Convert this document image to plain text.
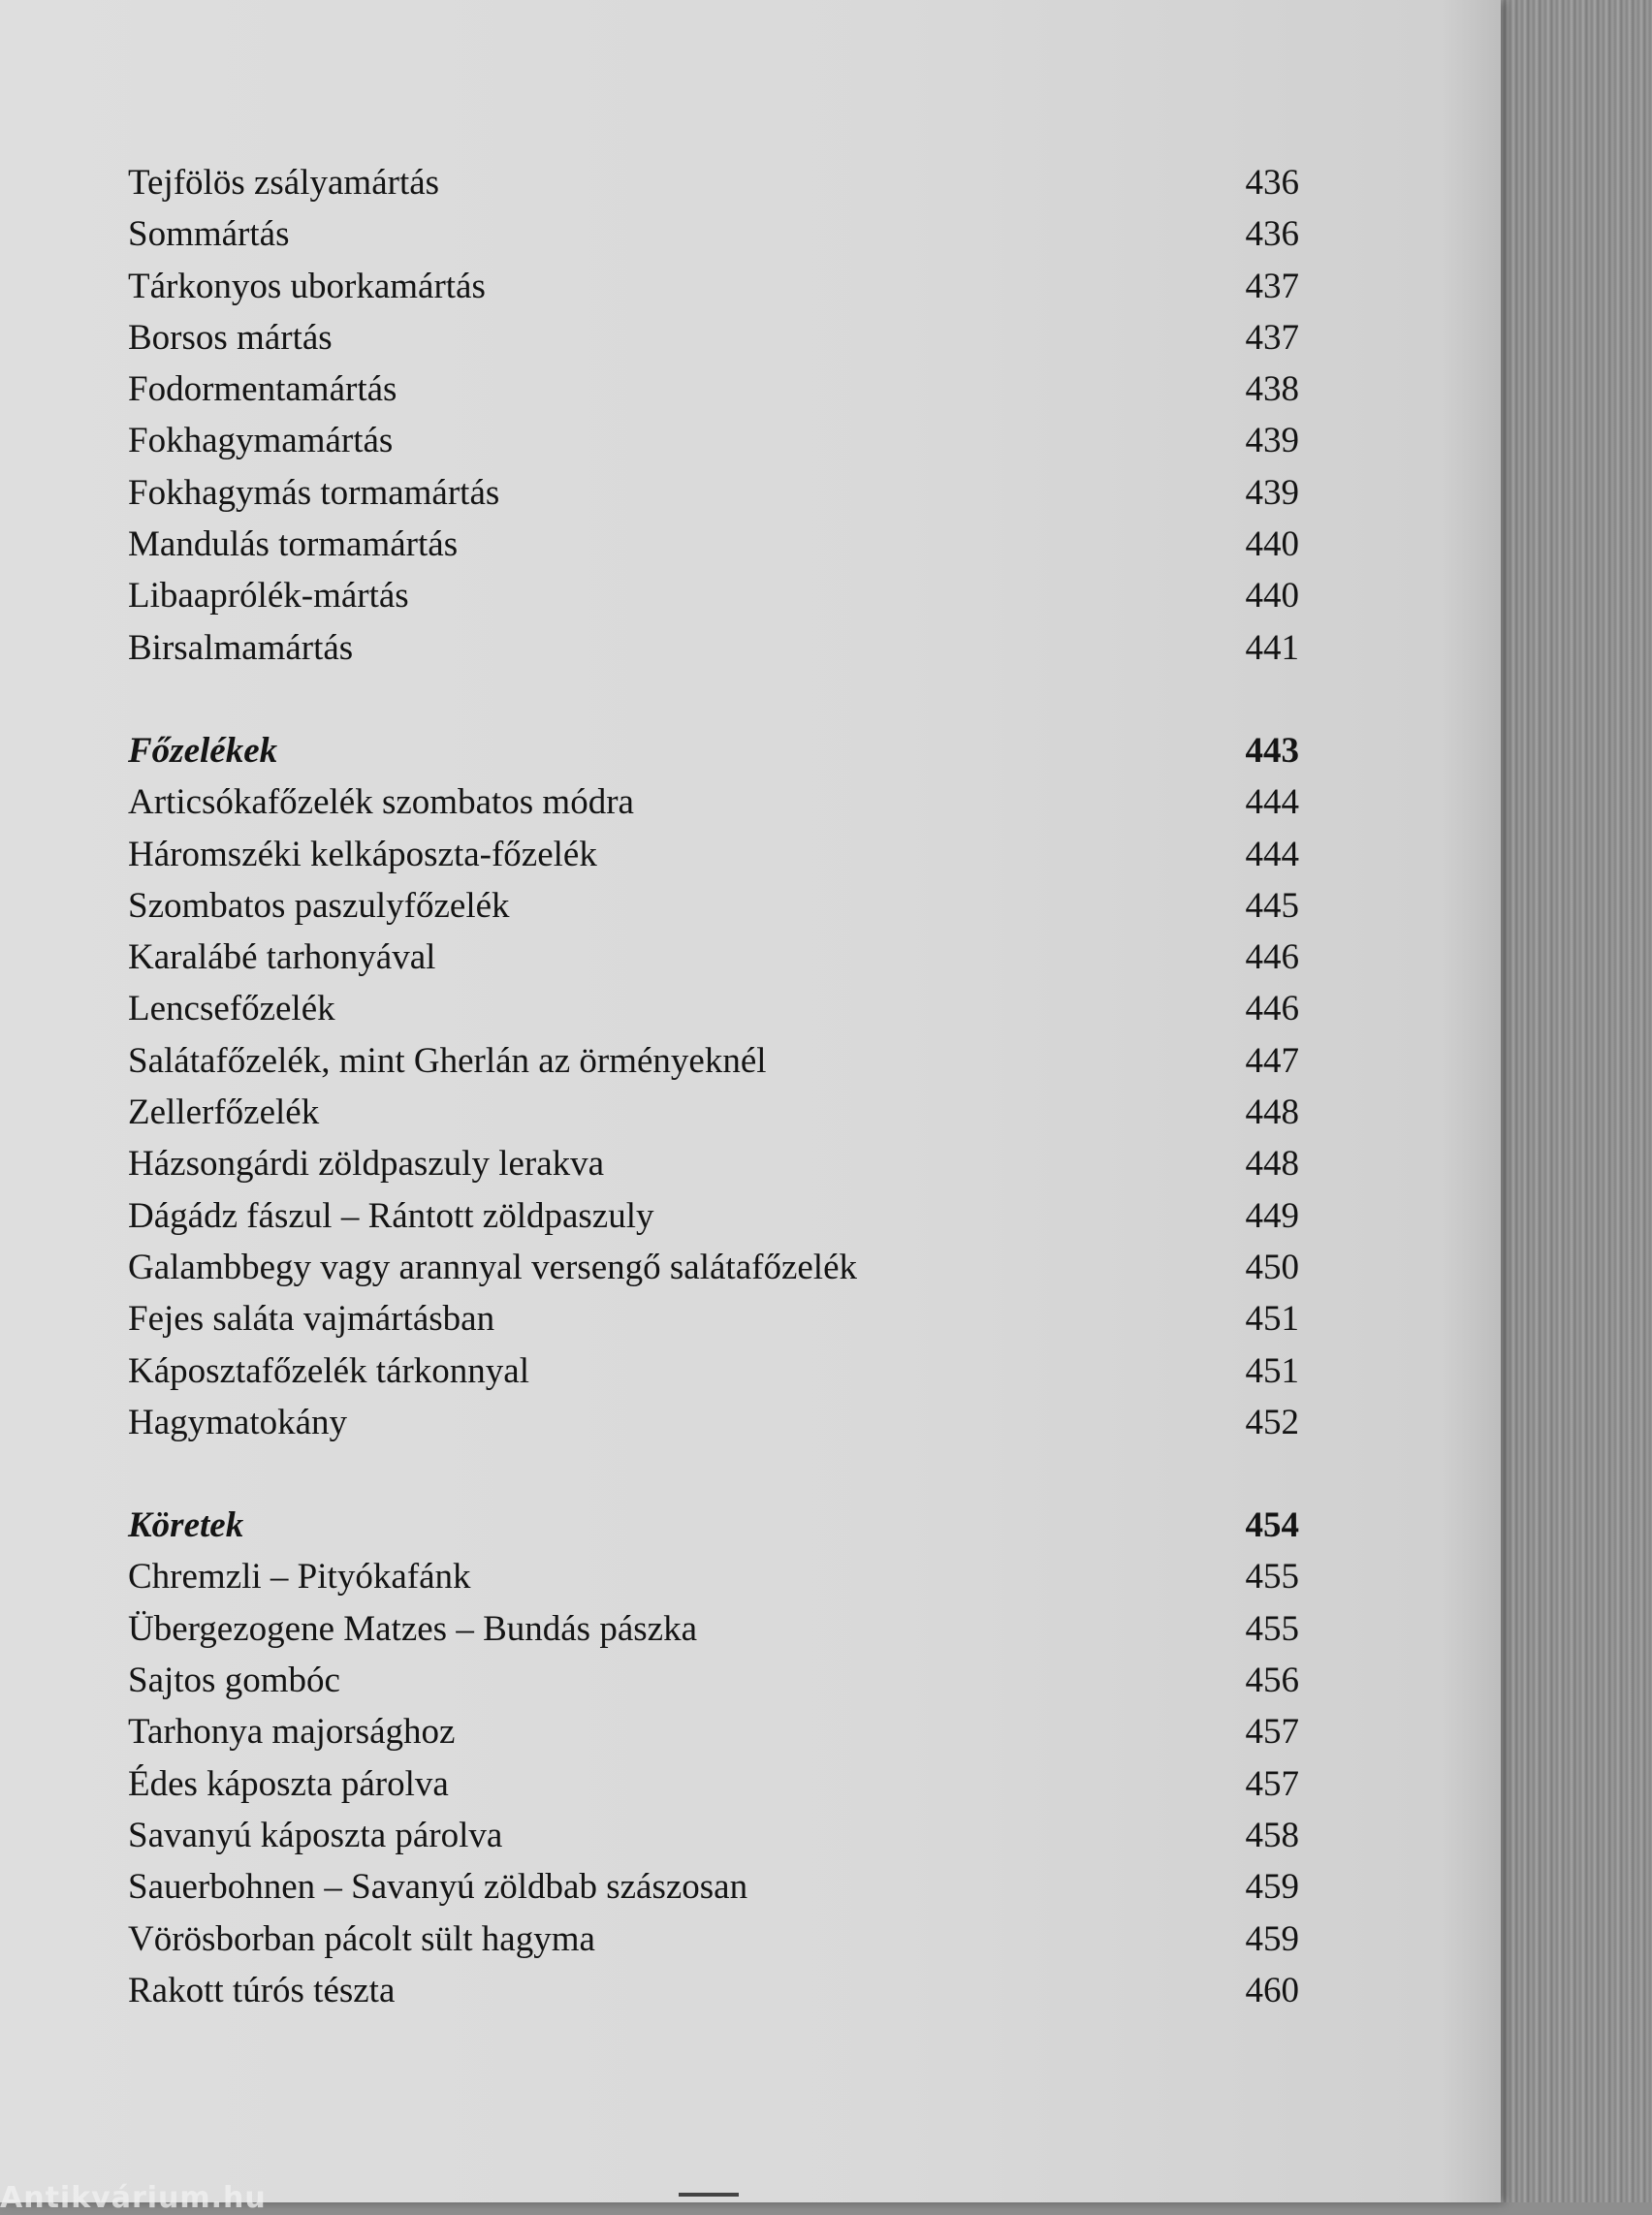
Tejfölös zsályamártás	436
Sommártás	436
Tárkonyos uborkamártás	437
Borsos mártás	437
Fodormentamártás	438
Fokhagymamártás	439
Fokhagymás tormamártás	439
Mandulás tormamártás	440
Libaaprólék-mártás	440
Birsalmamártás	441
Főzelékek	443
Articsókafőzelék szombatos módra	444
Háromszéki kelkáposzta-főzelék	444
Szombatos paszulyfőzelék	445
Karalábé tarhonyával	446
Lencsefőzelék	446
Salátafőzelék, mint Gherlán az örményeknél	447
Zellerfőzelék	448
Házsongárdi zöldpaszuly lerakva	448
Dágádz fászul – Rántott zöldpaszuly	449
Galambbegy vagy arannyal versengő salátafőzelék	450
Fejes saláta vajmártásban	451
Káposztafőzelék tárkonnyal	451
Hagymatokány	452
Köretek	454
Chremzli – Pityókafánk	455
Übergezogene Matzes – Bundás pászka	455
Sajtos gombóc	456
Tarhonya majorsághoz	457
Édes káposzta párolva	457
Savanyú káposzta párolva	458
Sauerbohnen – Savanyú zöldbab szászosan	459
Vörösborban pácolt sült hagyma	459
Rakott túrós tészta	460
Antikvárium.hu
